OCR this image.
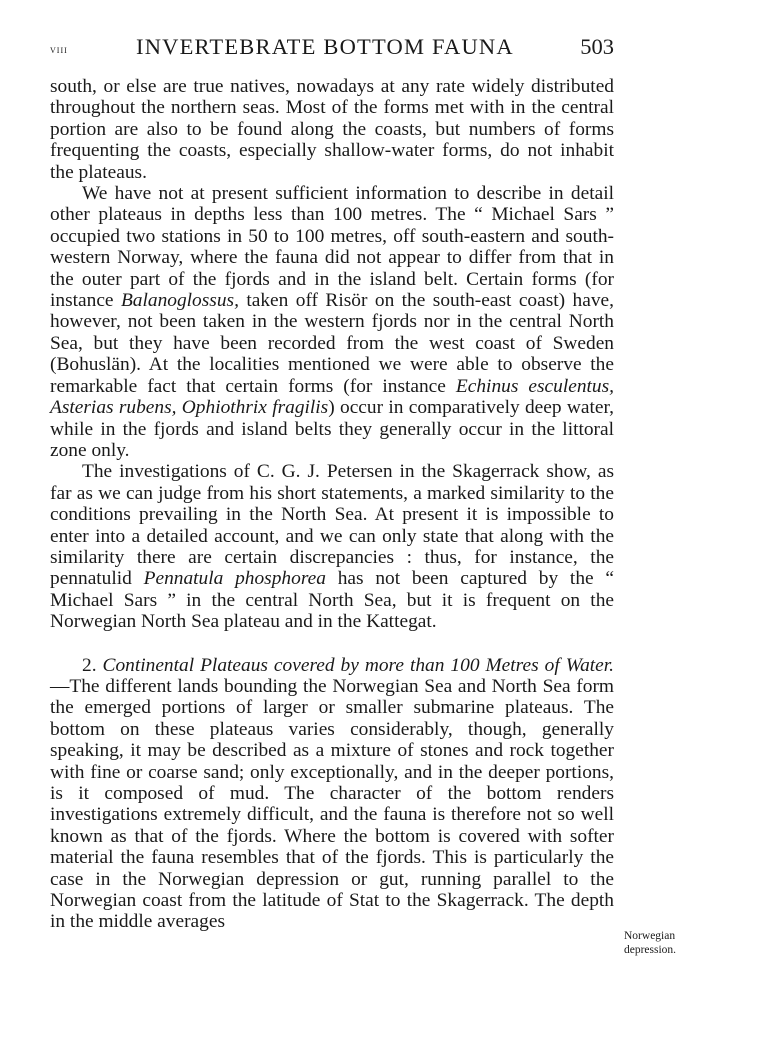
viii	INVERTEBRATE BOTTOM FAUNA	503

south, or else are true natives, nowadays at any rate widely distributed throughout the northern seas. Most of the forms met with in the central portion are also to be found along the coasts, but numbers of forms frequenting the coasts, especially shallow-water forms, do not inhabit the plateaus.

We have not at present sufficient information to describe in detail other plateaus in depths less than 100 metres. The “ Michael Sars ” occupied two stations in 50 to 100 metres, off south-eastern and south-western Norway, where the fauna did not appear to differ from that in the outer part of the fjords and in the island belt. Certain forms (for instance Balanoglossus, taken off Risör on the south-east coast) have, however, not been taken in the western fjords nor in the central North Sea, but they have been recorded from the west coast of Sweden (Bohuslän). At the localities mentioned we were able to observe the remarkable fact that certain forms (for instance Echinus esculentus, Asterias rubens, Ophiothrix fragilis) occur in comparatively deep water, while in the fjords and island belts they generally occur in the littoral zone only.

The investigations of C. G. J. Petersen in the Skagerrack show, as far as we can judge from his short statements, a marked similarity to the conditions prevailing in the North Sea. At present it is impossible to enter into a detailed account, and we can only state that along with the similarity there are certain discrepancies : thus, for instance, the pennatulid Pennatula phosphorea has not been captured by the “ Michael Sars ” in the central North Sea, but it is frequent on the Norwegian North Sea plateau and in the Kattegat.

2. Continental Plateaus covered by more than 100 Metres of Water.—The different lands bounding the Norwegian Sea and North Sea form the emerged portions of larger or smaller submarine plateaus. The bottom on these plateaus varies considerably, though, generally speaking, it may be described as a mixture of stones and rock together with fine or coarse sand; only exceptionally, and in the deeper portions, is it composed of mud. The character of the bottom renders investigations extremely difficult, and the fauna is therefore not so well known as that of the fjords. Where the bottom is covered with softer material the fauna resembles that of the fjords. This is particularly the case in the Norwegian depression or gut, running parallel to the Norwegian coast from the latitude of Stat to the Skagerrack. The depth in the middle averages

Norwegian
depression.
